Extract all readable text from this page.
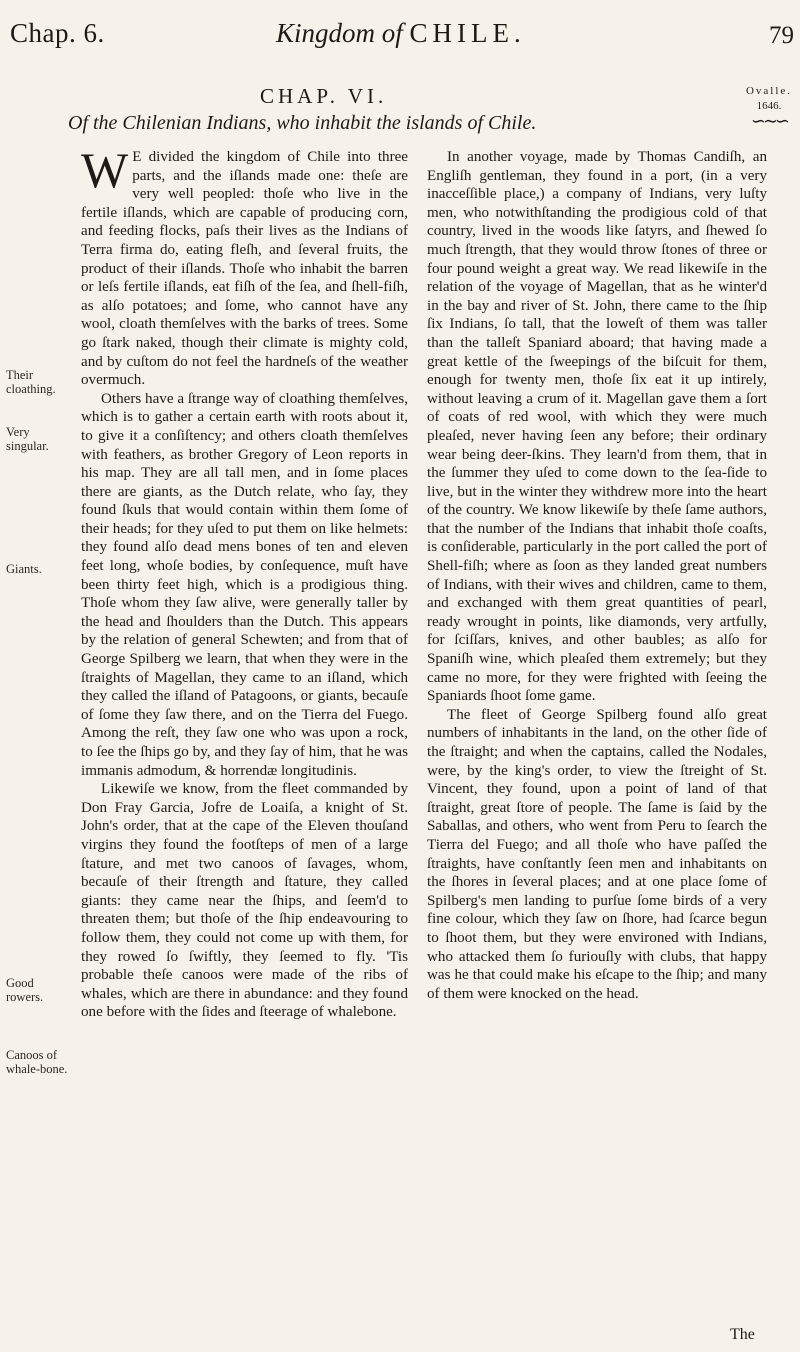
Chap. 6.	Kingdom of CHILE.	79
Ovalle.
1646.
∽∼∽
CHAP. VI.
Of the Chilenian Indians, who inhabit the islands of Chile.
Their cloathing.
Very singular.
Giants.
Good rowers.
Canoos of whale-bone.

W E divided the kingdom of Chile into three parts, and the iſlands made one: theſe are very well peopled: thoſe who live in the fertile iſlands, which are capable of producing corn, and feeding flocks, paſs their lives as the Indians of Terra firma do, eating fleſh, and ſeveral fruits, the product of their iſlands. Thoſe who inhabit the barren or leſs fertile iſlands, eat fiſh of the ſea, and ſhell-fiſh, as alſo potatoes; and ſome, who cannot have any wool, cloath themſelves with the barks of trees. Some go ſtark naked, though their climate is mighty cold, and by cuſtom do not feel the hardneſs of the weather overmuch.

Others have a ſtrange way of cloathing themſelves, which is to gather a certain earth with roots about it, to give it a conſiſtency; and others cloath themſelves with feathers, as brother Gregory of Leon reports in his map. They are all tall men, and in ſome places there are giants, as the Dutch relate, who ſay, they found ſkuls that would contain within them ſome of their heads; for they uſed to put them on like helmets: they found alſo dead mens bones of ten and eleven feet long, whoſe bodies, by conſequence, muſt have been thirty feet high, which is a prodigious thing. Thoſe whom they ſaw alive, were generally taller by the head and ſhoulders than the Dutch. This appears by the relation of general Schewten; and from that of George Spilberg we learn, that when they were in the ſtraights of Magellan, they came to an iſland, which they called the iſland of Patagoons, or giants, becauſe of ſome they ſaw there, and on the Tierra del Fuego. Among the reſt, they ſaw one who was upon a rock, to ſee the ſhips go by, and they ſay of him, that he was immanis admodum, & horrendæ longitudinis.

Likewiſe we know, from the fleet commanded by Don Fray Garcia, Jofre de Loaiſa, a knight of St. John's order, that at the cape of the Eleven thouſand virgins they found the footſteps of men of a large ſtature, and met two canoos of ſavages, whom, becauſe of their ſtrength and ſtature, they called giants: they came near the ſhips, and ſeem'd to threaten them; but thoſe of the ſhip endeavouring to follow them, they could not come up with them, for they rowed ſo ſwiftly, they ſeemed to fly. 'Tis probable theſe canoos were made of the ribs of whales, which are there in abundance: and they found one before with the ſides and ſteerage of whalebone.

In another voyage, made by Thomas Candiſh, an Engliſh gentleman, they found in a port, (in a very inacceſſible place,) a company of Indians, very luſty men, who notwithſtanding the prodigious cold of that country, lived in the woods like ſatyrs, and ſhewed ſo much ſtrength, that they would throw ſtones of three or four pound weight a great way. We read likewiſe in the relation of the voyage of Magellan, that as he winter'd in the bay and river of St. John, there came to the ſhip ſix Indians, ſo tall, that the loweſt of them was taller than the talleſt Spaniard aboard; that having made a great kettle of the ſweepings of the biſcuit for them, enough for twenty men, thoſe ſix eat it up intirely, without leaving a crum of it. Magellan gave them a ſort of coats of red wool, with which they were much pleaſed, never having ſeen any before; their ordinary wear being deer-ſkins. They learn'd from them, that in the ſummer they uſed to come down to the ſea-ſide to live, but in the winter they withdrew more into the heart of the country. We know likewiſe by theſe ſame authors, that the number of the Indians that inhabit thoſe coaſts, is conſiderable, particularly in the port called the port of Shell-fiſh; where as ſoon as they landed great numbers of Indians, with their wives and children, came to them, and exchanged with them great quantities of pearl, ready wrought in points, like diamonds, very artfully, for ſciſſars, knives, and other baubles; as alſo for Spaniſh wine, which pleaſed them extremely; but they came no more, for they were frighted with ſeeing the Spaniards ſhoot ſome game.

The fleet of George Spilberg found alſo great numbers of inhabitants in the land, on the other ſide of the ſtraight; and when the captains, called the Nodales, were, by the king's order, to view the ſtreight of St. Vincent, they found, upon a point of land of that ſtraight, great ſtore of people. The ſame is ſaid by the Saballas, and others, who went from Peru to ſearch the Tierra del Fuego; and all thoſe who have paſſed the ſtraights, have conſtantly ſeen men and inhabitants on the ſhores in ſeveral places; and at one place ſome of Spilberg's men landing to purſue ſome birds of a very fine colour, which they ſaw on ſhore, had ſcarce begun to ſhoot them, but they were environed with Indians, who attacked them ſo furiouſly with clubs, that happy was he that could make his eſcape to the ſhip; and many of them were knocked on the head.

The
